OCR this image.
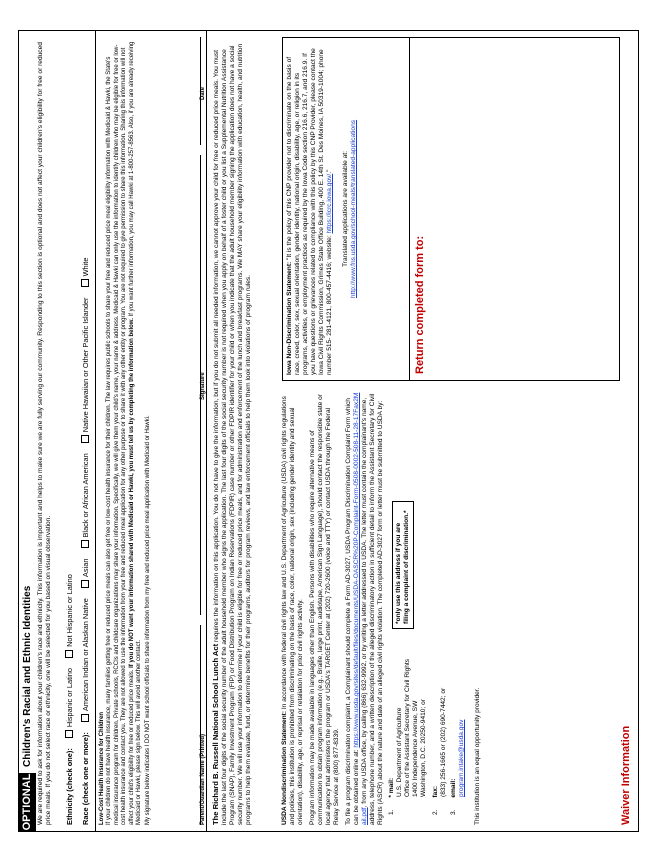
OPTIONAL
Children's Racial and Ethnic Identities We are required to ask for information about your children's race and ethnicity. This information is important and helps to make sure we are fully serving our community. Responding to this section is optional and does not affect your children's eligibility for free or reduced price meals. If you do not select race or ethnicity, one will be selected for you based on visual observation. Ethnicity (check one): Hispanic or Latino Not Hispanic or Latino
Race (check one or more): American Indian or Alaskan Native Asian Black or African American Native Hawaiian or Other Pacific Islander White
Low-Cost Health Insurance for Children If your children do not have health insurance, many families getting free or reduced price meals can also get free or low-cost health insurance for their children. The law requires public schools to share your free and reduced price meal eligibility information with Medicaid & Hawki, the State's medical insurance program for children. Private schools, RCCIs and childcare organizations may share your information. Specifically, we will give them your child's name, your name & address. Medicaid & Hawki can only use the information to identify children who may be eligible for free or low-cost health insurance and contact you. They are not allowed to use the information from your free and reduced meal application for any other purpose or to share it with any other entity or program. You are not required to give permission to share this information. Sharing this information will not affect your child's eligibility for free or reduced price meals. If you do NOT want your information shared with Medicaid or Hawki, you must tell us by completing the information below. If you want further information, you may call Hawki at 1-800-257-8563. Also, if you are already receiving Medicaid or Hawki, please sign below. This will avoid another contact. My signature below indicates I DO NOT want school officials to share information from my free and reduced price meal application with Medicaid or Hawki.	Parent/Guardian Name (Printed)
Signature
Date
The Richard B. Russell National School Lunch Act requires the information on this application. You do not have to give the information, but if you do not submit all needed information, we cannot approve your child for free or reduced price meals. You must include the last four digits of the social security number of the adult household member who signs the application. The last four digits of the social security number is not required when you apply on behalf of a foster child or you list a Supplemental Nutrition Assistance Program (SNAP), Family Investment Program (FIP) or Food Distribution Program on Indian Reservations (FDPIR) case number or other FDPIR identifier for your child or when you indicate that the adult household member signing the application does not have a social security number. We will use your information to determine if your child is eligible for free or reduced price meals, and for administration and enforcement of the lunch and breakfast programs. We MAY share your eligibility information with education, health, and nutrition programs to help them evaluate, fund, or determine benefits for their programs, auditors for program reviews, and law enforcement officials to help them look into violations of program rules.	USDA Nondiscrimination Statement: In accordance with federal civil rights law and U.S. Department of Agriculture (USDA) civil rights regulations and policies, this institution is prohibited from discriminating on the basis of race, color, national origin, sex (including gender identity and sexual orientation), disability, age, or reprisal or retaliation for prior civil rights activity. Program information may be made available in languages other than English. Persons with disabilities who require alternative means of communication to obtain program information (e.g., Braille, large print, audiotape, American Sign Language), should contact the responsible state or local agency that administers the program or USDA's TARGET Center at (202) 720-2600 (voice and TTY) or contact USDA through the Federal Relay Service at (800) 877-8339. To file a program discrimination complaint, a Complainant should complete a Form AD-3027, USDA Program Discrimination Complaint Form which can be obtained online at: https://www.usda.gov/sites/default/files/documents/USDA-OASCR%20P-Complaint-Form-0508-0002-508-11-28-17Fax2Mail.pdf, from any USDA office, by calling (866) 632-9992, or by writing a letter addressed to USDA. The letter must contain the complainant's name, address, telephone number, and a written description of the alleged discriminatory action in sufficient detail to inform the Assistant Secretary for Civil Rights (ASCR) about the nature and date of an alleged civil rights violation. The completed AD-3027 form or letter must be submitted to USDA by: 1. * mail: U.S. Department of Agriculture Office of the Assistant Secretary for Civil Rights 1400 Independence Avenue, SW Washington, D.C. 20250-9410; or
*only use this address if you are filing a complaint of discrimination.*
2. fax: (833) 256-1665 or (202) 690-7442; or
3. email: program.intake@usda.gov This institution is an equal opportunity provider.
Iowa Non-Discrimination Statement: "It is the policy of this CNP provider not to discriminate on the basis of race, creed, color, sex, sexual orientation, gender identity, national origin, disability, age, or religion in its programs, activities, or employment practices as required by the Iowa Code section 216.6, 216.7, and 216.9. If you have questions or grievances related to compliance with this policy by this CNP Provider, please contact the Iowa Civil Rights Commission, Grimes State Office Building, 400 E. 14th St. Des Moines, IA 50319-1004; phone number 515- 281-4121, 800-457-4416; website: https://icrc.iowa.gov/." Translated applications are available at: http://www.fns.usda.gov/school-meals/translated-applications
Return completed form to:
Waiver Information
